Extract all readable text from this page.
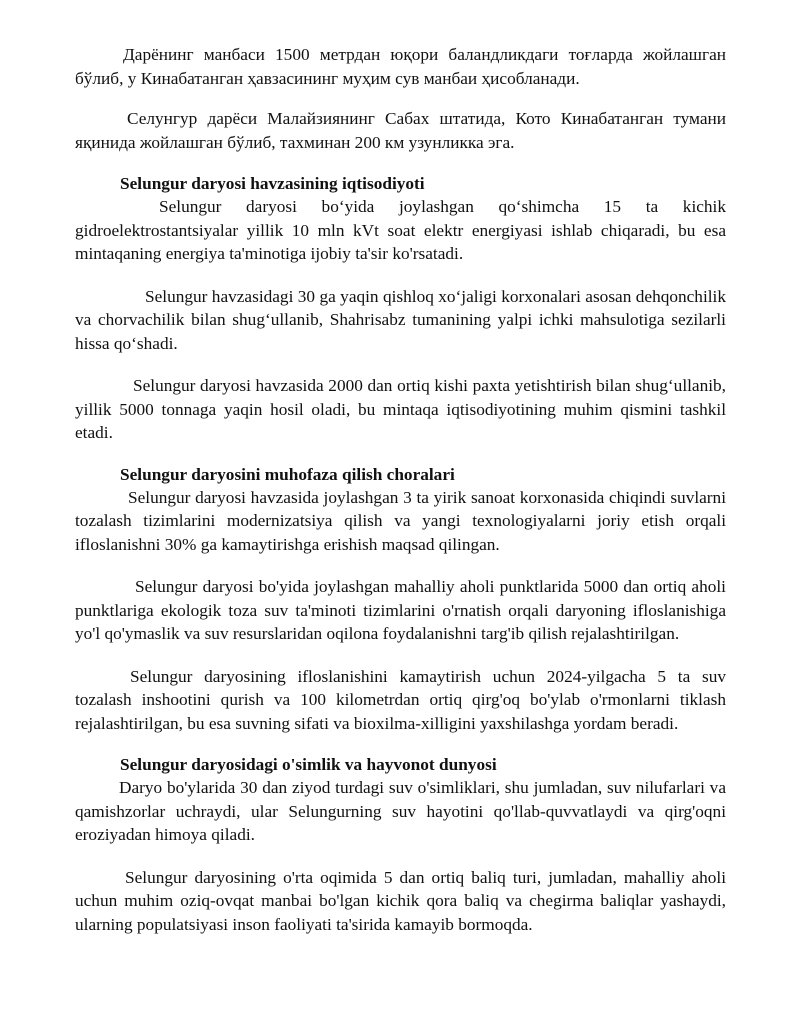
Дарёнинг манбаси 1500 метрдан юқори баландликдаги тоғларда жойлашган бўлиб, у Кинабатанган ҳавзасининг муҳим сув манбаи ҳисобланади.

Селунгур дарёси Малайзиянинг Сабах штатида, Кото Кинабатанган тумани яқинида жойлашган бўлиб, тахминан 200 км узунликка эга.

Selungur daryosi havzasining iqtisodiyoti

Selungur daryosi bo‘yida joylashgan qo‘shimcha 15 ta kichik gidroelektrostantsiyalar yillik 10 mln kVt soat elektr energiyasi ishlab chiqaradi, bu esa mintaqaning energiya ta'minotiga ijobiy ta'sir ko'rsatadi.

Selungur havzasidagi 30 ga yaqin qishloq xo‘jaligi korxonalari asosan dehqonchilik va chorvachilik bilan shug‘ullanib, Shahrisabz tumanining yalpi ichki mahsulotiga sezilarli hissa qo‘shadi.

Selungur daryosi havzasida 2000 dan ortiq kishi paxta yetishtirish bilan shug‘ullanib, yillik 5000 tonnaga yaqin hosil oladi, bu mintaqa iqtisodiyotining muhim qismini tashkil etadi.

Selungur daryosini muhofaza qilish choralari

Selungur daryosi havzasida joylashgan 3 ta yirik sanoat korxonasida chiqindi suvlarni tozalash tizimlarini modernizatsiya qilish va yangi texnologiyalarni joriy etish orqali ifloslanishni 30% ga kamaytirishga erishish maqsad qilingan.

Selungur daryosi bo'yida joylashgan mahalliy aholi punktlarida 5000 dan ortiq aholi punktlariga ekologik toza suv ta'minoti tizimlarini o'rnatish orqali daryoning ifloslanishiga yo'l qo'ymaslik va suv resurslaridan oqilona foydalanishni targ'ib qilish rejalashtirilgan.

Selungur daryosining ifloslanishini kamaytirish uchun 2024-yilgacha 5 ta suv tozalash inshootini qurish va 100 kilometrdan ortiq qirg'oq bo'ylab o'rmonlarni tiklash rejalashtirilgan, bu esa suvning sifati va bioxilma-xilligini yaxshilashga yordam beradi.

Selungur daryosidagi o'simlik va hayvonot dunyosi

Daryo bo'ylarida 30 dan ziyod turdagi suv o'simliklari, shu jumladan, suv nilufarlari va qamishzorlar uchraydi, ular Selungurning suv hayotini qo'llab-quvvatlaydi va qirg'oqni eroziyadan himoya qiladi.

Selungur daryosining o'rta oqimida 5 dan ortiq baliq turi, jumladan, mahalliy aholi uchun muhim oziq-ovqat manbai bo'lgan kichik qora baliq va chegirma baliqlar yashaydi, ularning populatsiyasi inson faoliyati ta'sirida kamayib bormoqda.
